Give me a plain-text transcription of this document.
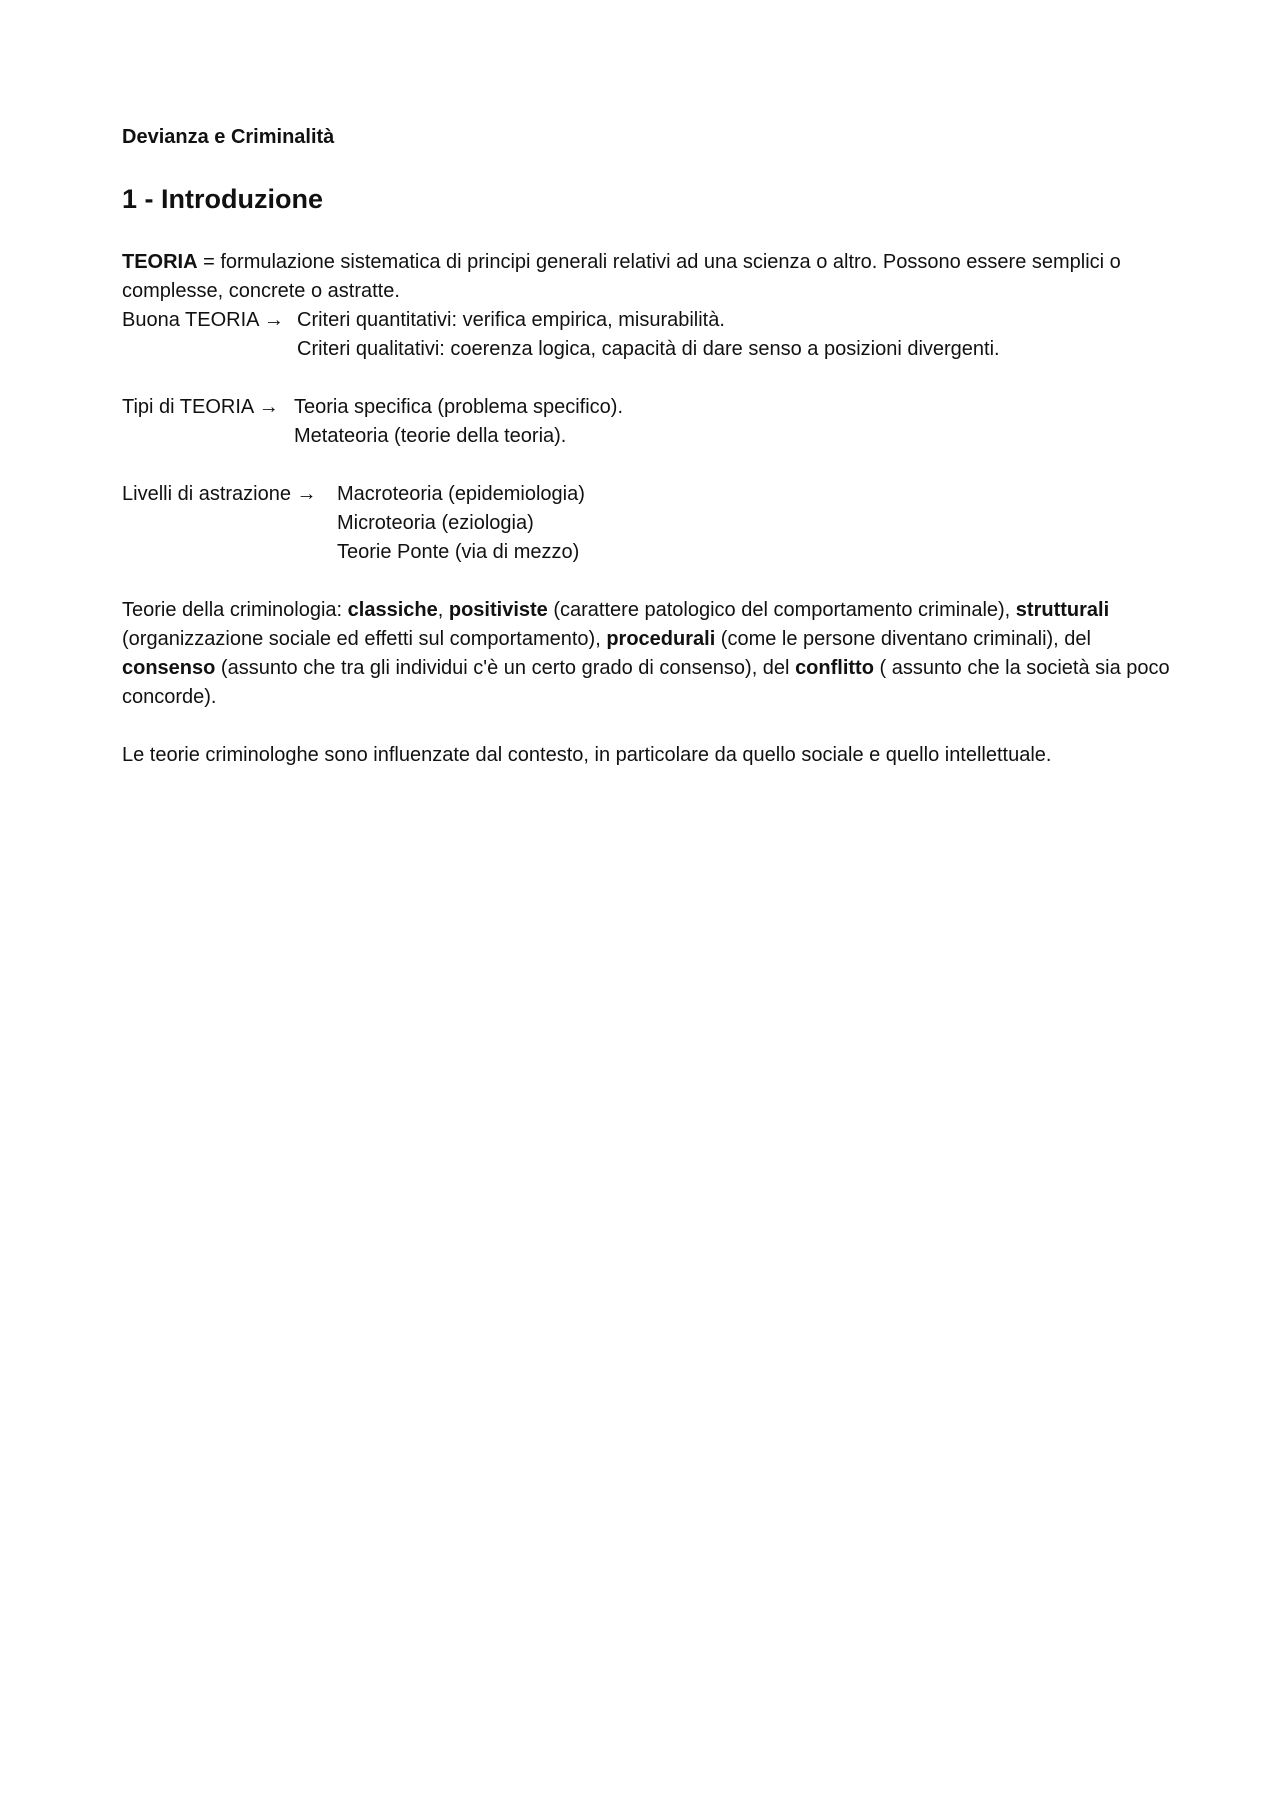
Devianza e Criminalità
1 - Introduzione
TEORIA = formulazione sistematica di principi generali relativi ad una scienza o altro. Possono essere semplici o complesse, concrete o astratte.
Buona TEORIA → Criteri quantitativi: verifica empirica, misurabilità.
Criteri qualitativi: coerenza logica, capacità di dare senso a posizioni divergenti.
Tipi di TEORIA → Teoria specifica (problema specifico).
Metateoria (teorie della teoria).
Livelli di astrazione → Macroteoria (epidemiologia)
Microteoria (eziologia)
Teorie Ponte (via di mezzo)
Teorie della criminologia: classiche, positiviste (carattere patologico del comportamento criminale), strutturali (organizzazione sociale ed effetti sul comportamento), procedurali (come le persone diventano criminali), del consenso (assunto che tra gli individui c'è un certo grado di consenso), del conflitto ( assunto che la società sia poco concorde).
Le teorie criminologhe sono influenzate dal contesto, in particolare da quello sociale e quello intellettuale.
